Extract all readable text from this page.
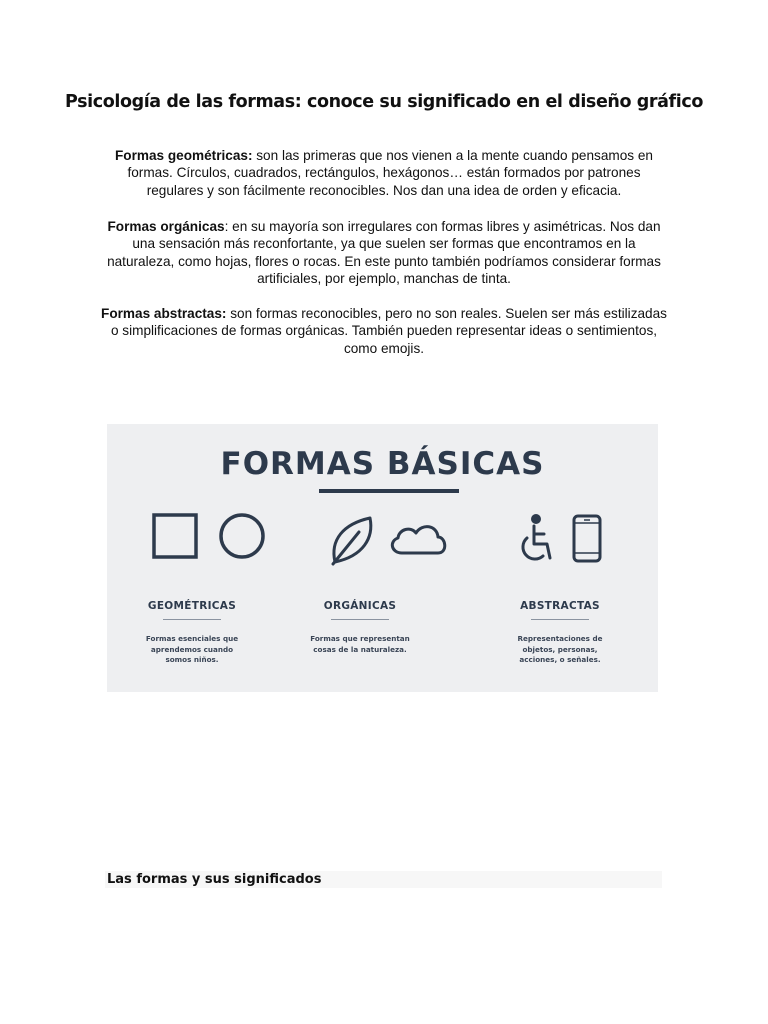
Psicología de las formas: conoce su significado en el diseño gráfico
Formas geométricas: son las primeras que nos vienen a la mente cuando pensamos en formas. Círculos, cuadrados, rectángulos, hexágonos… están formados por patrones regulares y son fácilmente reconocibles. Nos dan una idea de orden y eficacia.
Formas orgánicas: en su mayoría son irregulares con formas libres y asimétricas. Nos dan una sensación más reconfortante, ya que suelen ser formas que encontramos en la naturaleza, como hojas, flores o rocas. En este punto también podríamos considerar formas artificiales, por ejemplo, manchas de tinta.
Formas abstractas: son formas reconocibles, pero no son reales. Suelen ser más estilizadas o simplificaciones de formas orgánicas. También pueden representar ideas o sentimientos, como emojis.
FORMAS BÁSICAS
GEOMÉTRICAS
Formas esenciales que aprendemos cuando somos niños.
ORGÁNICAS
Formas que representan cosas de la naturaleza.
ABSTRACTAS
Representaciones de objetos, personas, acciones, o señales.
Las formas y sus significados
